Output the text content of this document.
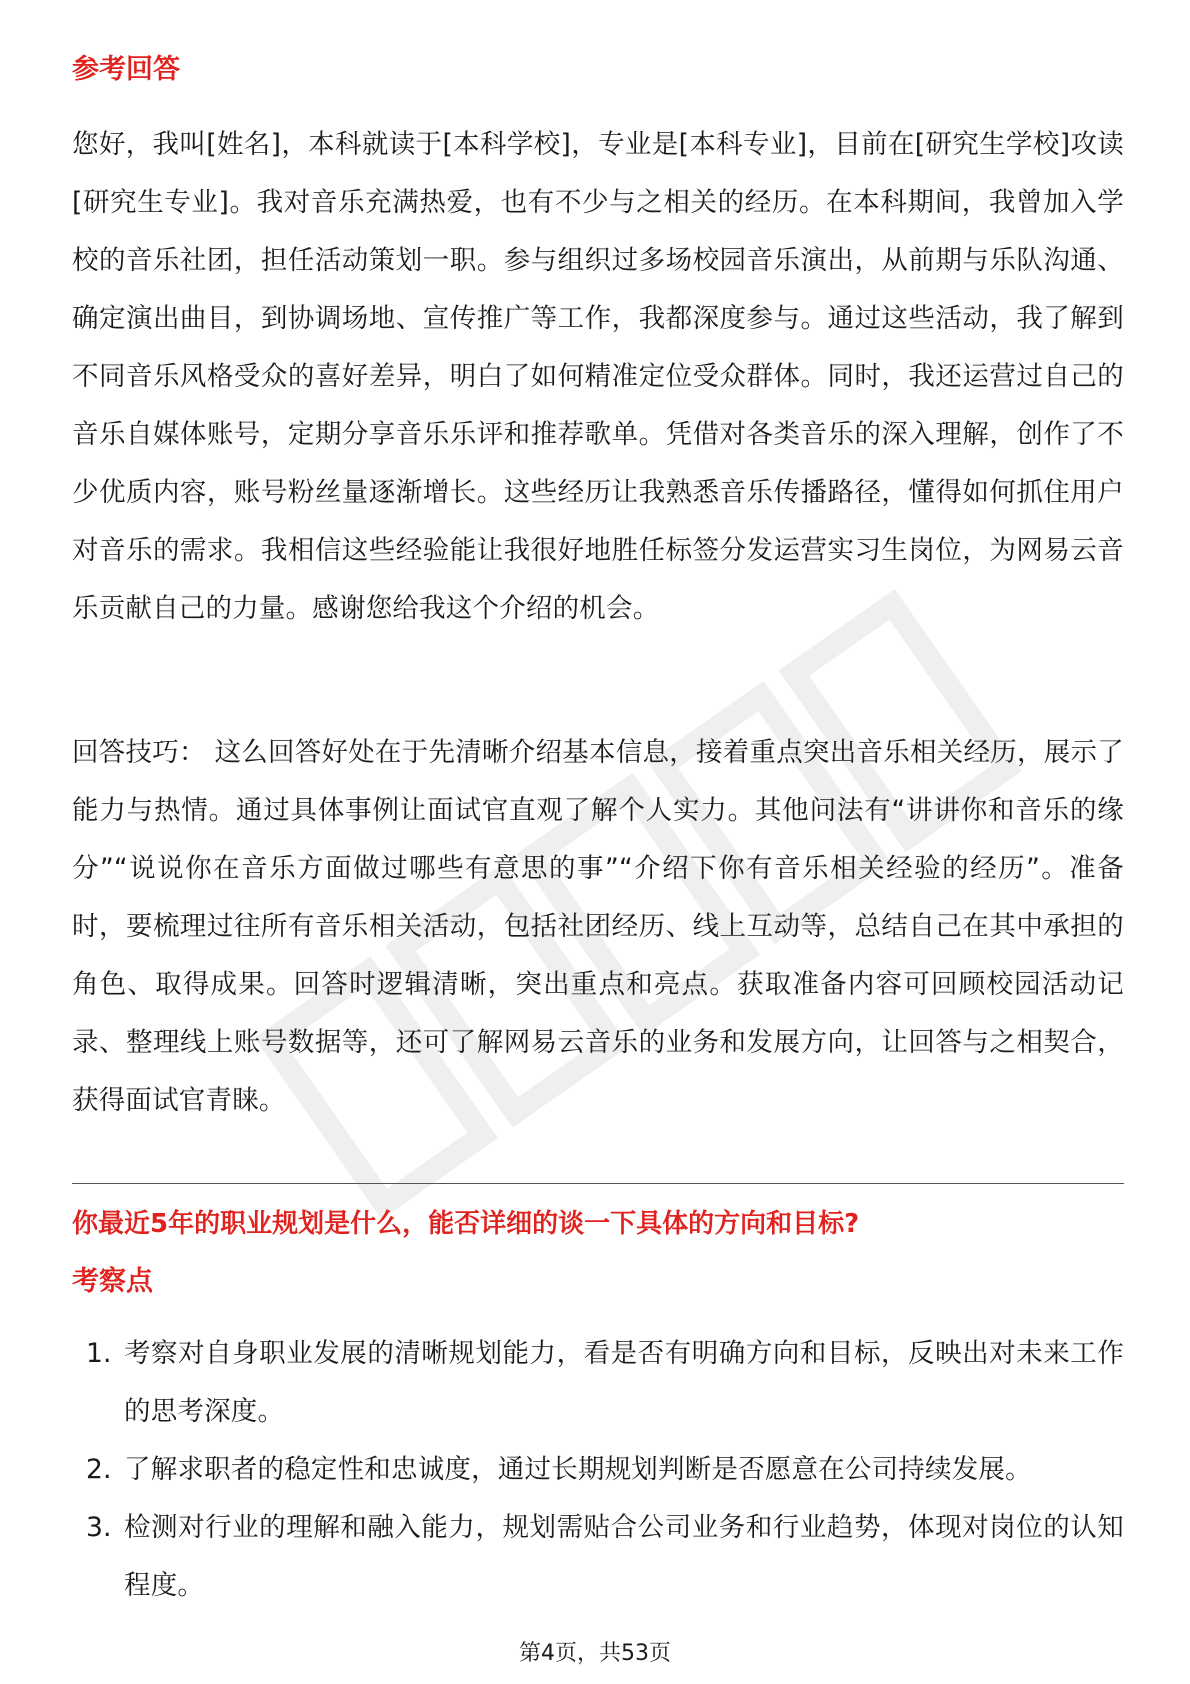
参考回答

您好，我叫[姓名]，本科就读于[本科学校]，专业是[本科专业]，目前在[研究生学校]攻读[研究生专业]。我对音乐充满热爱，也有不少与之相关的经历。在本科期间，我曾加入学校的音乐社团，担任活动策划一职。参与组织过多场校园音乐演出，从前期与乐队沟通、确定演出曲目，到协调场地、宣传推广等工作，我都深度参与。通过这些活动，我了解到不同音乐风格受众的喜好差异，明白了如何精准定位受众群体。同时，我还运营过自己的音乐自媒体账号，定期分享音乐乐评和推荐歌单。凭借对各类音乐的深入理解，创作了不少优质内容，账号粉丝量逐渐增长。这些经历让我熟悉音乐传播路径，懂得如何抓住用户对音乐的需求。我相信这些经验能让我很好地胜任标签分发运营实习生岗位，为网易云音乐贡献自己的力量。感谢您给我这个介绍的机会。

回答技巧： 这么回答好处在于先清晰介绍基本信息，接着重点突出音乐相关经历，展示了能力与热情。通过具体事例让面试官直观了解个人实力。其他问法有“讲讲你和音乐的缘分”“说说你在音乐方面做过哪些有意思的事”“介绍下你有音乐相关经验的经历”。准备时，要梳理过往所有音乐相关活动，包括社团经历、线上互动等，总结自己在其中承担的角色、取得成果。回答时逻辑清晰，突出重点和亮点。获取准备内容可回顾校园活动记录、整理线上账号数据等，还可了解网易云音乐的业务和发展方向，让回答与之相契合，获得面试官青睐。

你最近5年的职业规划是什么，能否详细的谈一下具体的方向和目标?
考察点
1. 考察对自身职业发展的清晰规划能力，看是否有明确方向和目标，反映出对未来工作的思考深度。
2. 了解求职者的稳定性和忠诚度，通过长期规划判断是否愿意在公司持续发展。
3. 检测对行业的理解和融入能力，规划需贴合公司业务和行业趋势，体现对岗位的认知程度。
第4页，共53页
